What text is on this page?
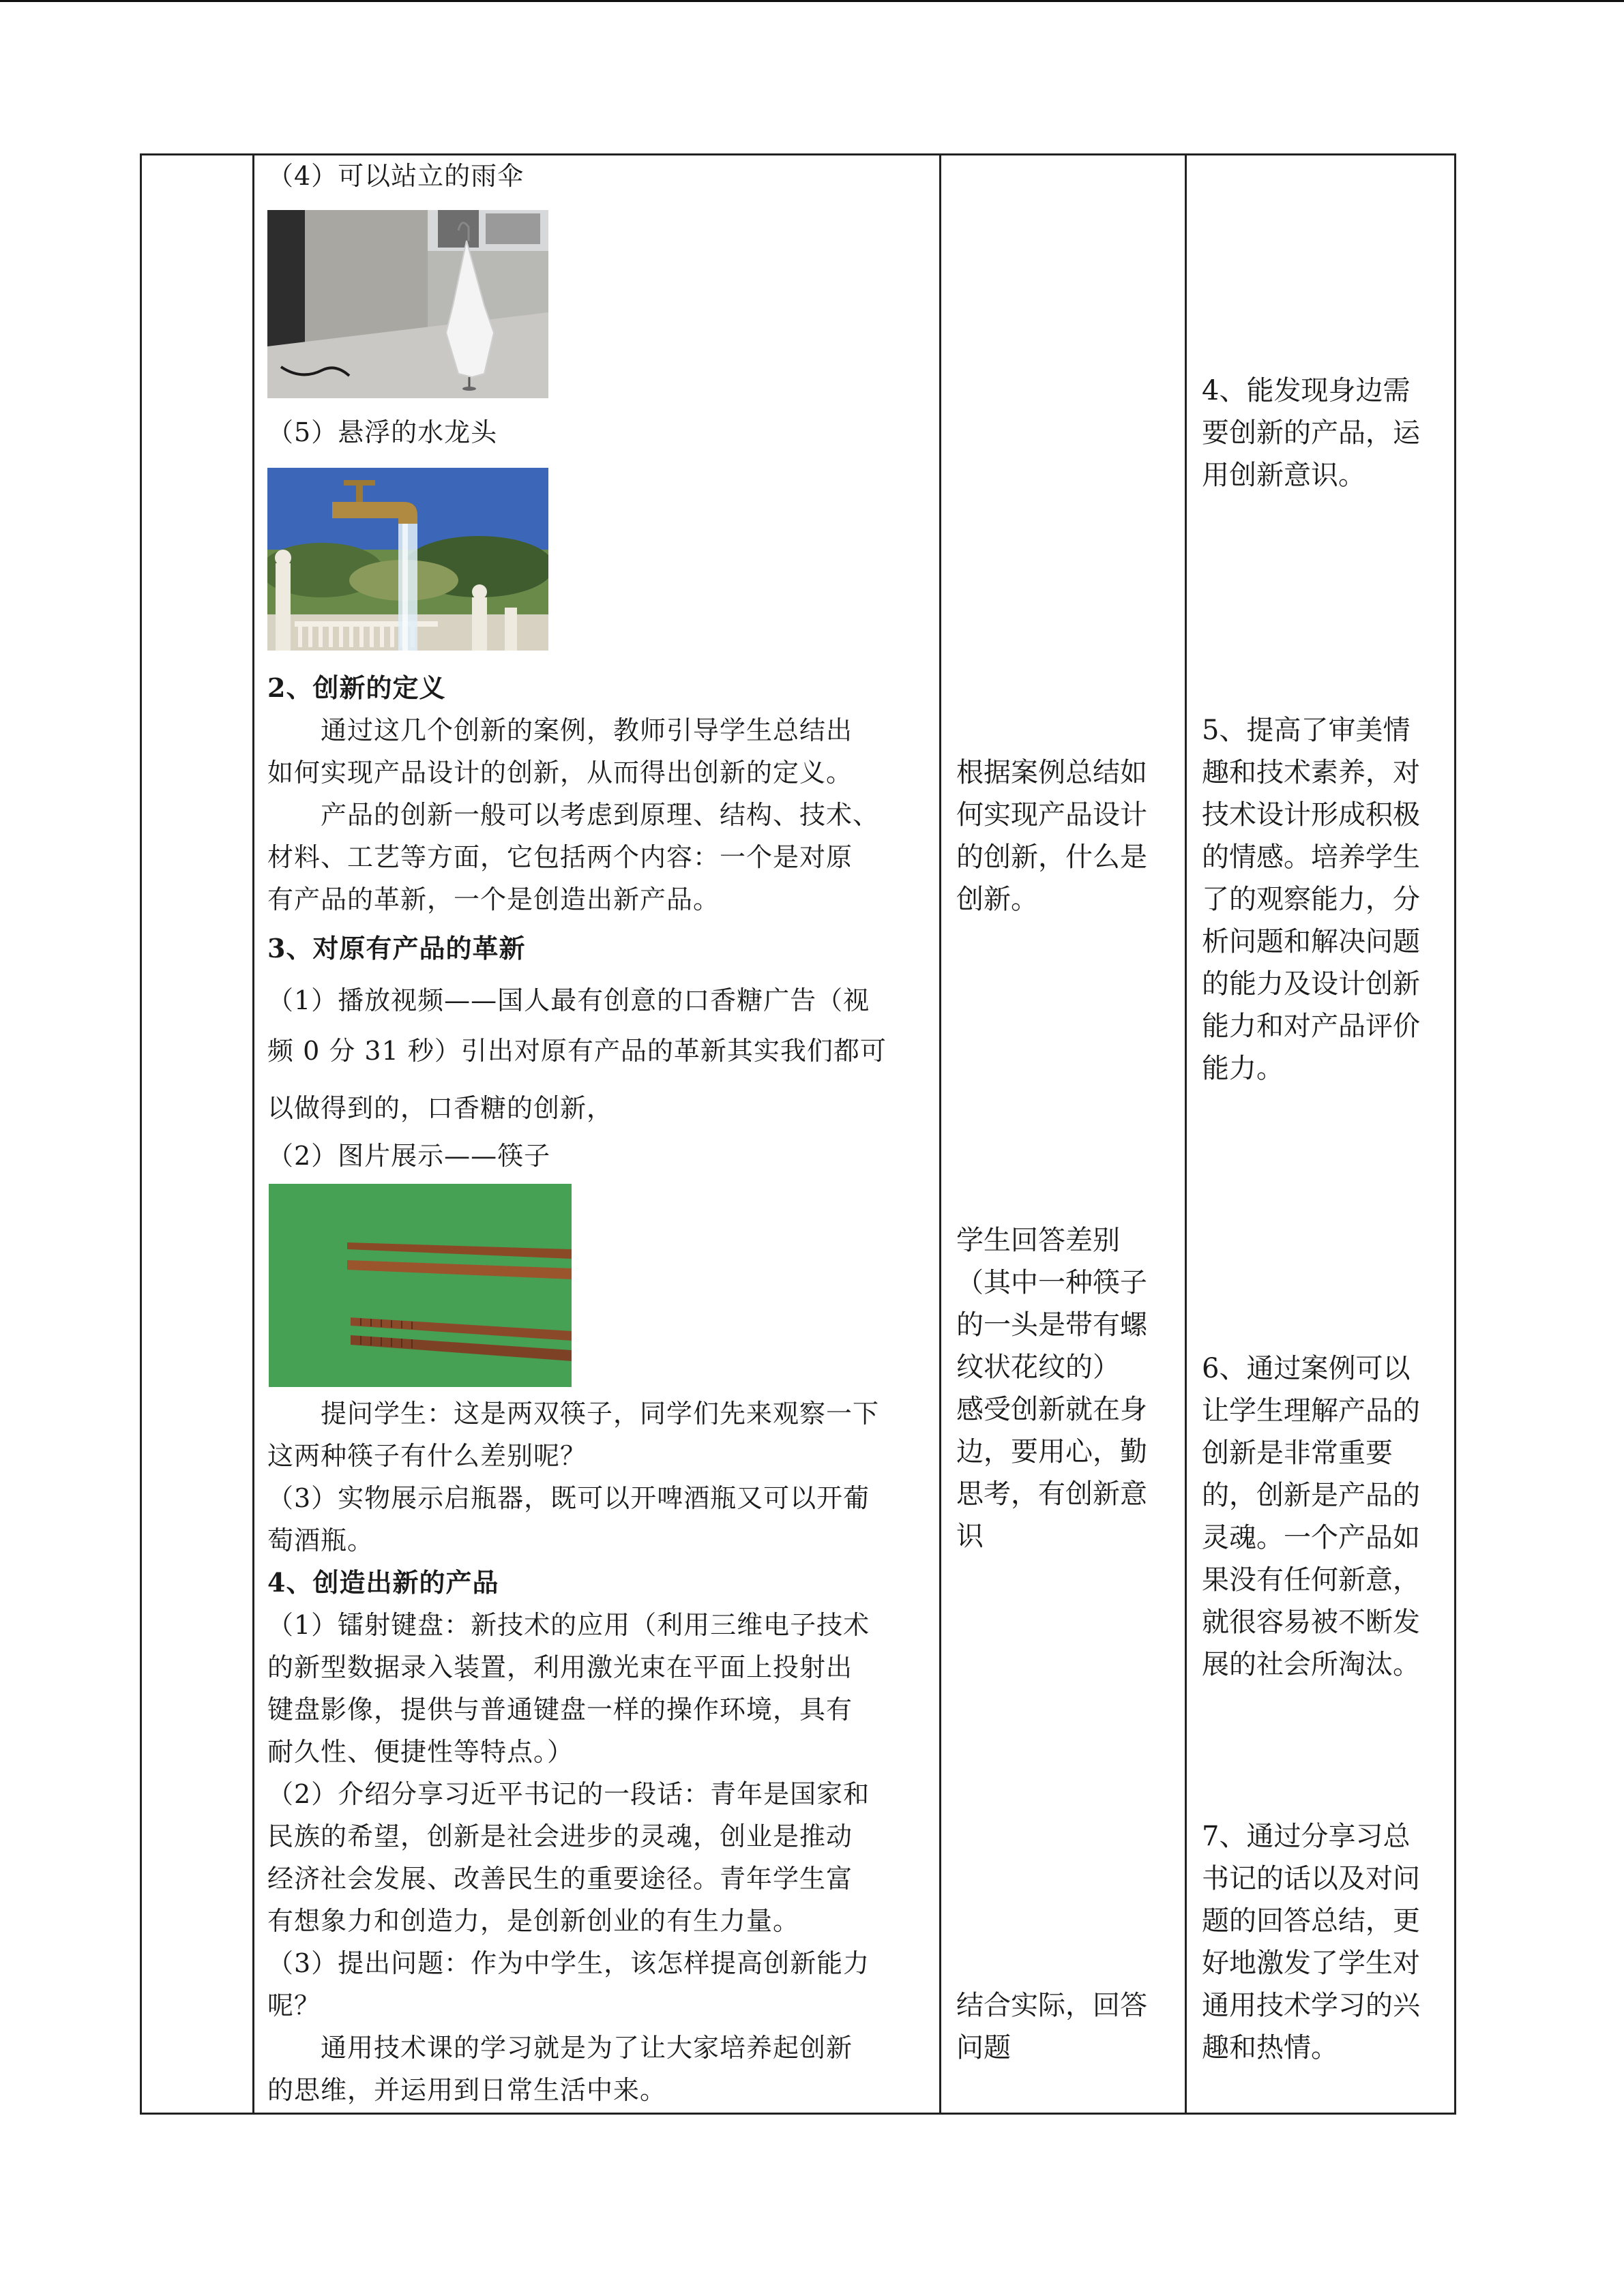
（4）可以站立的雨伞
（5）悬浮的水龙头
2、创新的定义
　　通过这几个创新的案例，教师引导学生总结出
如何实现产品设计的创新，从而得出创新的定义。
　　产品的创新一般可以考虑到原理、结构、技术、
材料、工艺等方面，它包括两个内容：一个是对原
有产品的革新，一个是创造出新产品。
3、对原有产品的革新
（1）播放视频——国人最有创意的口香糖广告（视
频 0 分 31 秒）引出对原有产品的革新其实我们都可
以做得到的，口香糖的创新，
（2）图片展示——筷子
　　提问学生：这是两双筷子，同学们先来观察一下
这两种筷子有什么差别呢？
（3）实物展示启瓶器，既可以开啤酒瓶又可以开葡
萄酒瓶。
4、创造出新的产品
（1）镭射键盘：新技术的应用（利用三维电子技术
的新型数据录入装置，利用激光束在平面上投射出
键盘影像，提供与普通键盘一样的操作环境，具有
耐久性、便捷性等特点。）
（2）介绍分享习近平书记的一段话：青年是国家和
民族的希望，创新是社会进步的灵魂，创业是推动
经济社会发展、改善民生的重要途径。青年学生富
有想象力和创造力，是创新创业的有生力量。
（3）提出问题：作为中学生，该怎样提高创新能力
呢？
　　通用技术课的学习就是为了让大家培养起创新
的思维，并运用到日常生活中来。
根据案例总结如
何实现产品设计
的创新，什么是
创新。
学生回答差别
（其中一种筷子
的一头是带有螺
纹状花纹的）
感受创新就在身
边，要用心，勤
思考，有创新意
识
结合实际，回答
问题
4、能发现身边需
要创新的产品，运
用创新意识。
5、提高了审美情
趣和技术素养，对
技术设计形成积极
的情感。培养学生
了的观察能力，分
析问题和解决问题
的能力及设计创新
能力和对产品评价
能力。
6、通过案例可以
让学生理解产品的
创新是非常重要
的，创新是产品的
灵魂。一个产品如
果没有任何新意，
就很容易被不断发
展的社会所淘汰。
7、通过分享习总
书记的话以及对问
题的回答总结，更
好地激发了学生对
通用技术学习的兴
趣和热情。
